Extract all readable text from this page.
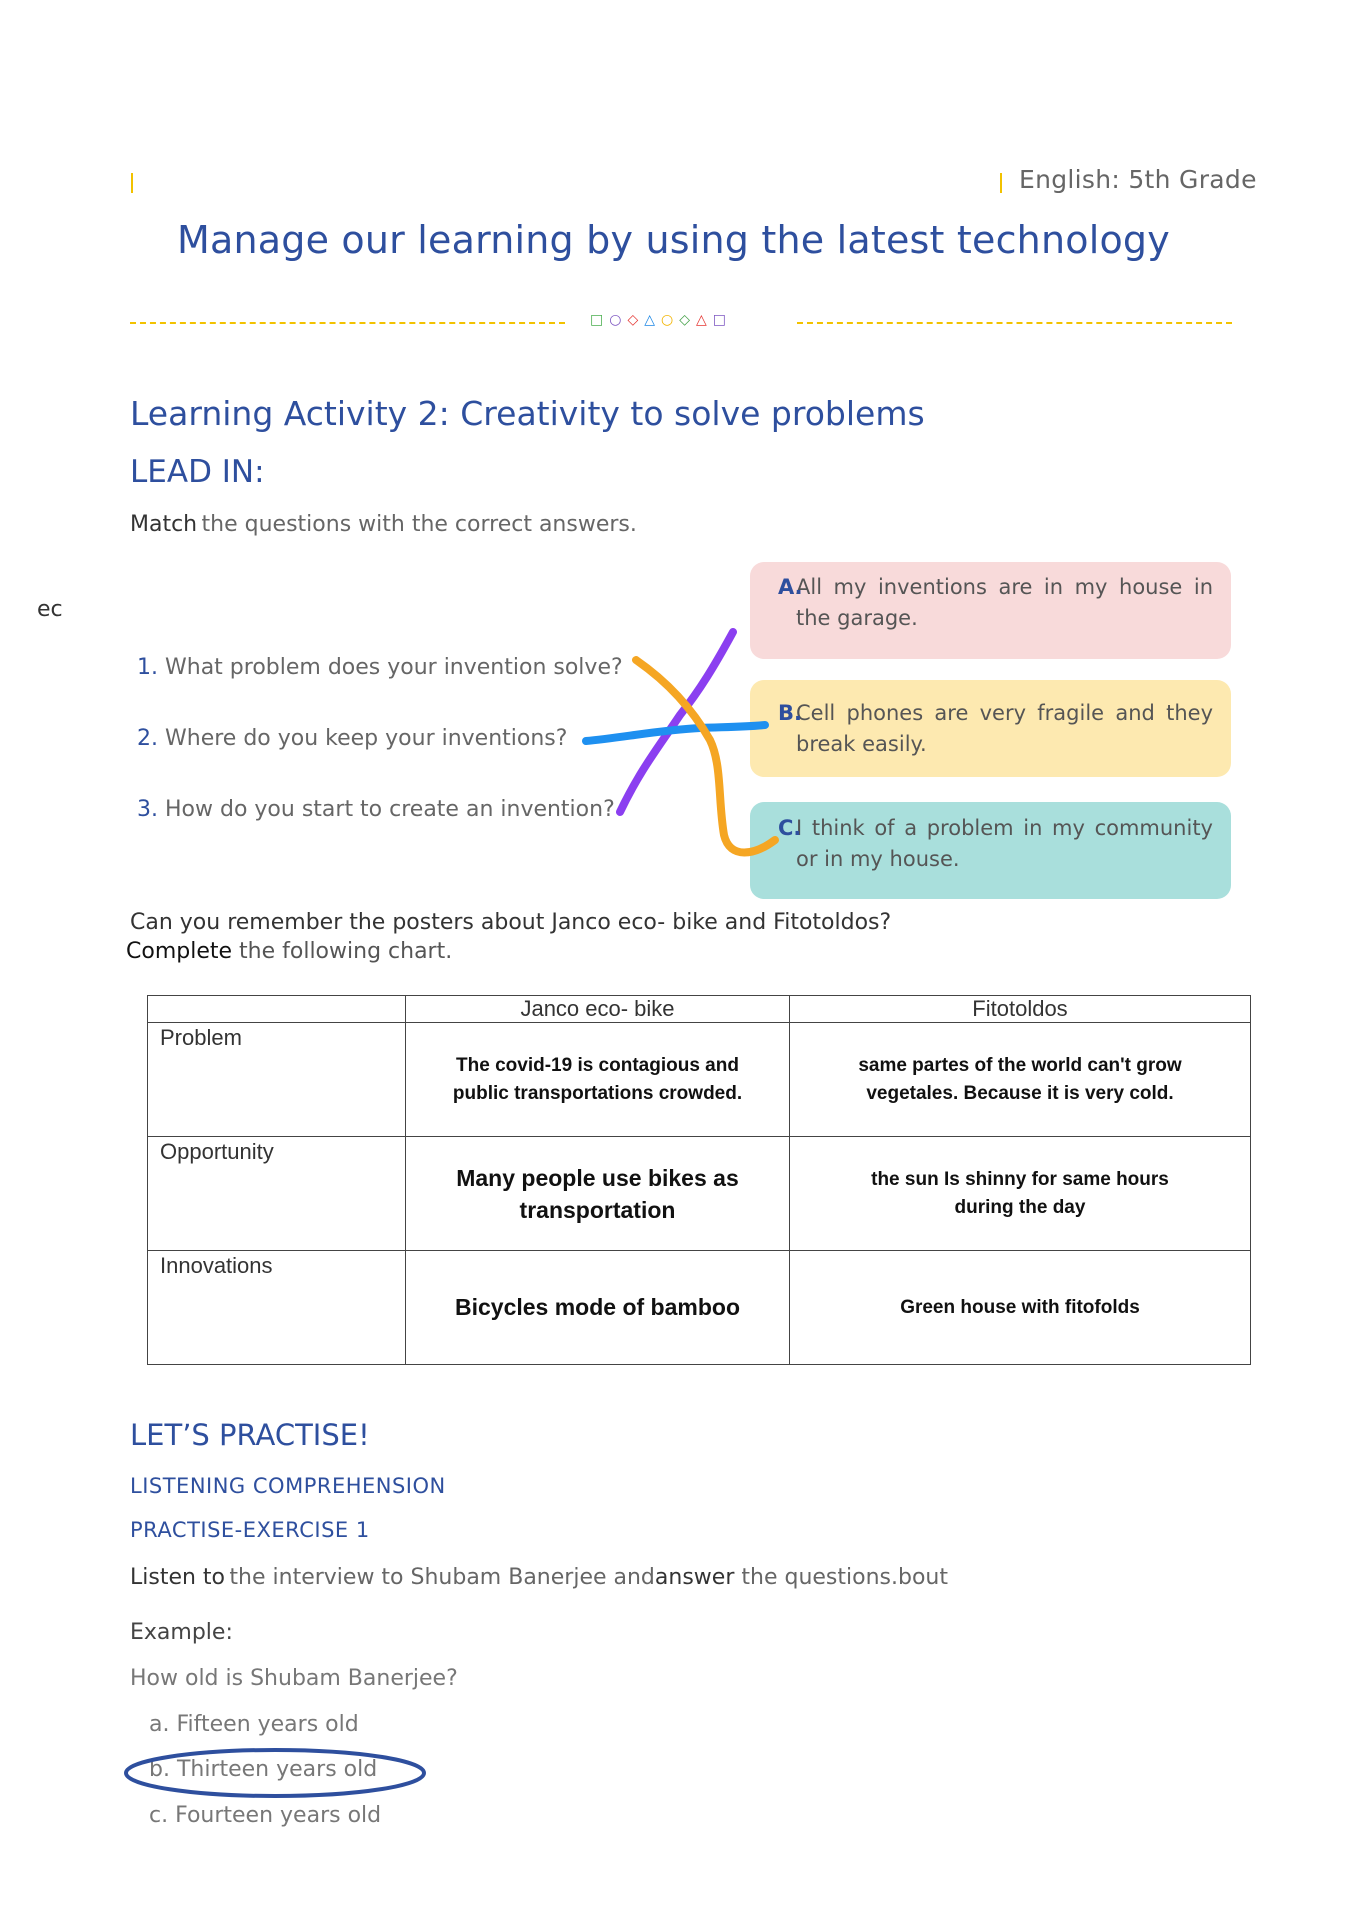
English: 5th Grade
Manage our learning by using the latest technology
□○◇△○◇△□
Learning Activity 2: Creativity to solve problems
LEAD IN:
Match  the questions with the correct answers.
ec
1. What problem does your invention solve?
2. Where do you keep your inventions?
3. How do you start to create an invention?
A.
All my inventions are in my house in the garage.
B.
Cell phones are very fragile and they break easily.
C.
I think of a problem in my community or in my house.
Can you remember the posters about Janco eco- bike and Fitotoldos?
Complete the following chart.
	Janco eco- bike	Fitotoldos
Problem	The covid-19 is contagious and public transportations crowded.	same partes of the world can't grow vegetales. Because it is very cold.
Opportunity	Many people use bikes as transportation	the sun Is shinny for same hours during the day
Innovations	Bicycles mode of bamboo	Green house with fitofolds
LET’S PRACTISE!
LISTENING COMPREHENSION
PRACTISE-EXERCISE 1
Listen to  the interview to Shubam Banerjee andanswer the questions.bout
Example:
How old is Shubam Banerjee?
a. Fifteen years old
b. Thirteen years old
c. Fourteen years old
